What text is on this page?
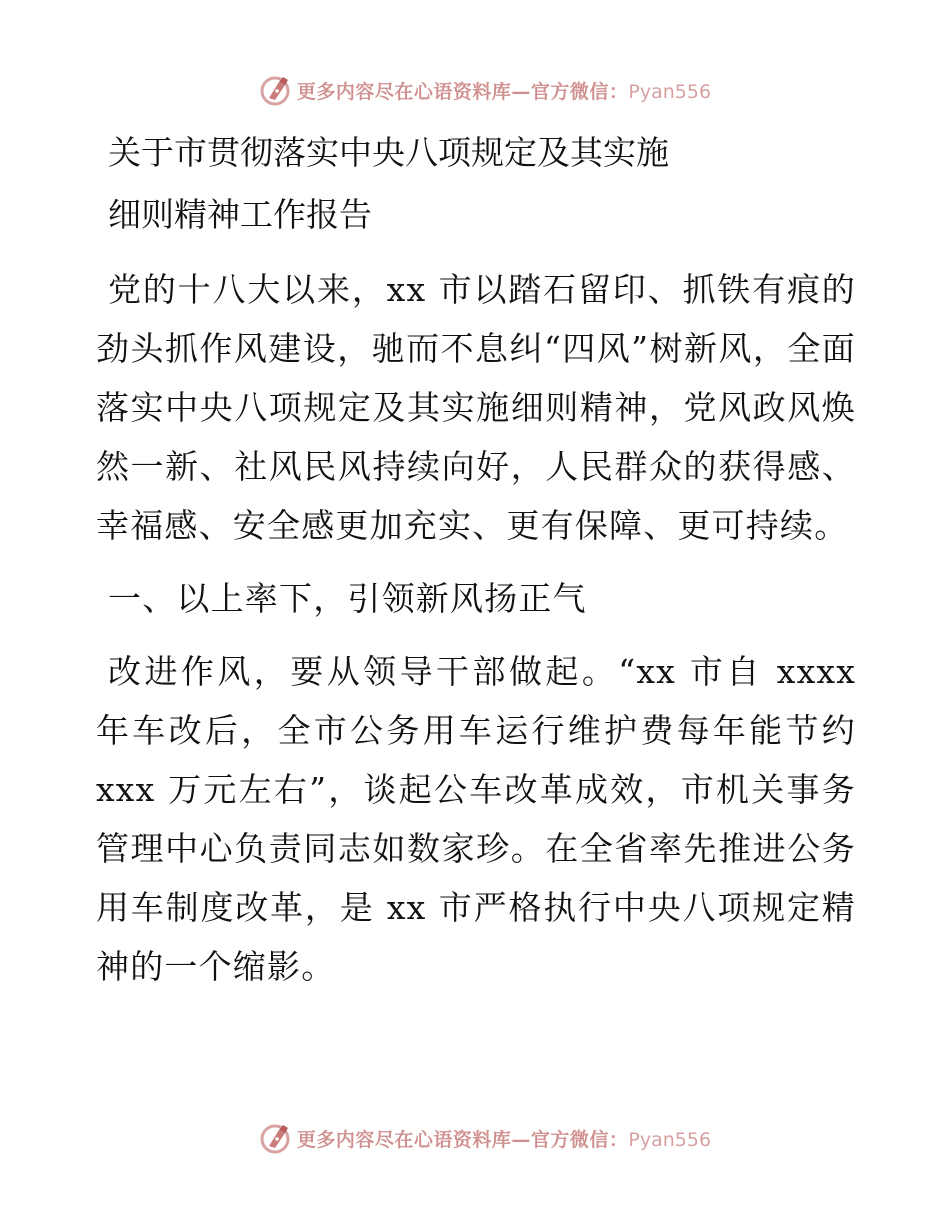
更多内容尽在心语资料库—官方微信：Pyan556
关于市贯彻落实中央八项规定及其实施
细则精神工作报告

党的十八大以来，xx 市以踏石留印、抓铁有痕的劲头抓作风建设，驰而不息纠“四风”树新风，全面落实中央八项规定及其实施细则精神，党风政风焕然一新、社风民风持续向好，人民群众的获得感、幸福感、安全感更加充实、更有保障、更可持续。

一、以上率下，引领新风扬正气

改进作风，要从领导干部做起。“xx 市自 xxxx 年车改后，全市公务用车运行维护费每年能节约 xxx 万元左右”，谈起公车改革成效，市机关事务管理中心负责同志如数家珍。在全省率先推进公务用车制度改革，是 xx 市严格执行中央八项规定精神的一个缩影。

更多内容尽在心语资料库—官方微信：Pyan556
